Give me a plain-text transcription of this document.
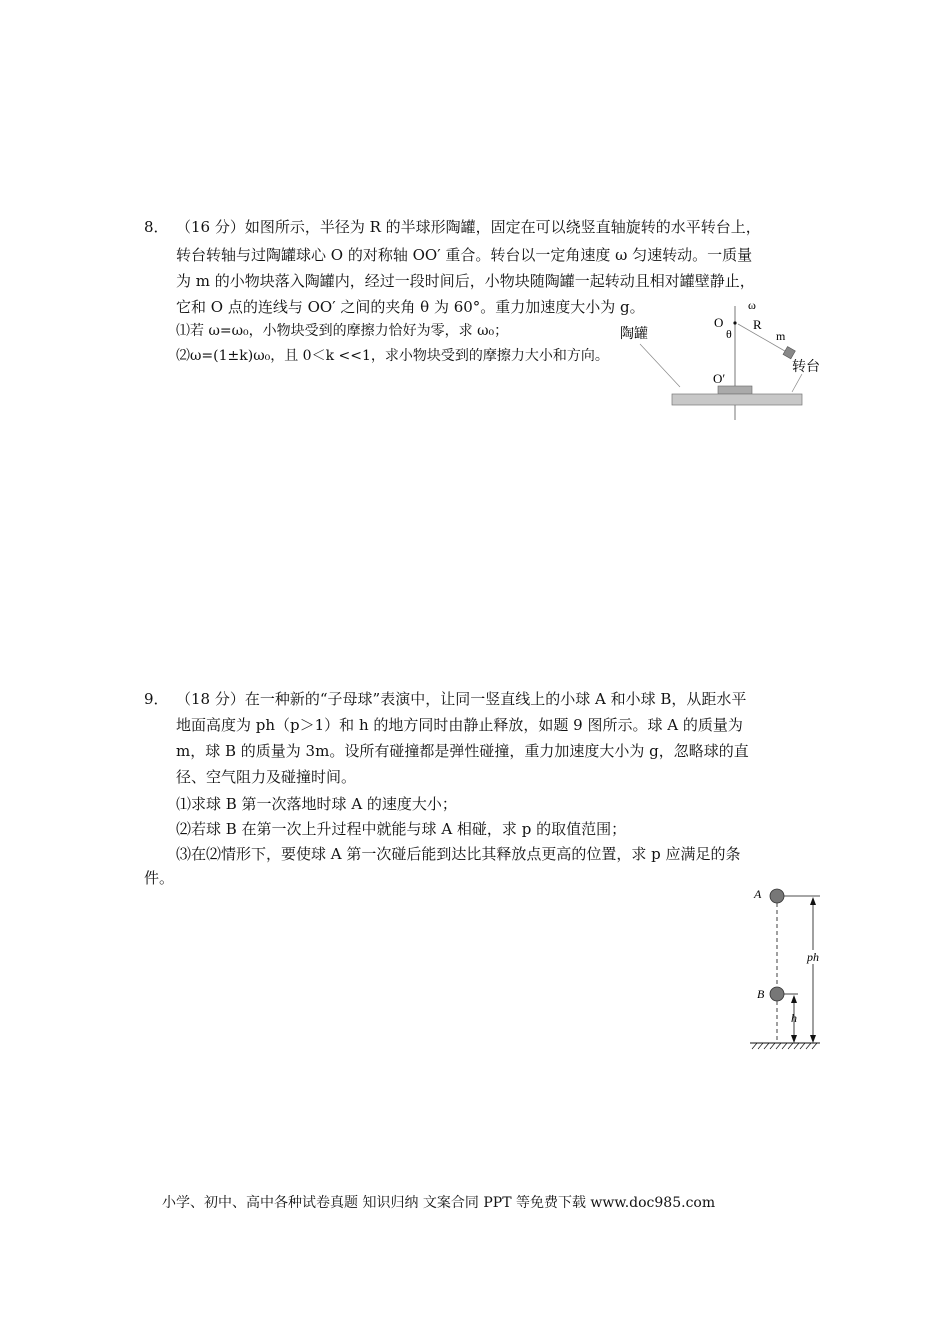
8． （16 分）如图所示，半径为 R 的半球形陶罐，固定在可以绕竖直轴旋转的水平转台上，
转台转轴与过陶罐球心 O 的对称轴 OO′ 重合。转台以一定角速度 ω 匀速转动。一质量
为 m 的小物块落入陶罐内，经过一段时间后，小物块随陶罐一起转动且相对罐壁静止，
它和 O 点的连线与 OO′ 之间的夹角 θ 为 60°。重力加速度大小为 g。
⑴若 ω=ω₀，小物块受到的摩擦力恰好为零，求 ω₀；
⑵ω=(1±k)ω₀，且 0＜k <<1，求小物块受到的摩擦力大小和方向。
ω
O R
θ	m
陶罐
转台
O′
9． （18 分）在一种新的“子母球”表演中，让同一竖直线上的小球 A 和小球 B，从距水平
地面高度为 ph（p＞1）和 h 的地方同时由静止释放，如题 9 图所示。球 A 的质量为
m，球 B 的质量为 3m。设所有碰撞都是弹性碰撞，重力加速度大小为 g，忽略球的直
径、空气阻力及碰撞时间。
⑴求球 B 第一次落地时球 A 的速度大小；
⑵若球 B 在第一次上升过程中就能与球 A 相碰，求 p 的取值范围；
⑶在⑵情形下，要使球 A 第一次碰后能到达比其释放点更高的位置，求 p 应满足的条
件。
A
B
ph
h
小学、初中、高中各种试卷真题 知识归纳 文案合同 PPT 等免费下载 www.doc985.com
